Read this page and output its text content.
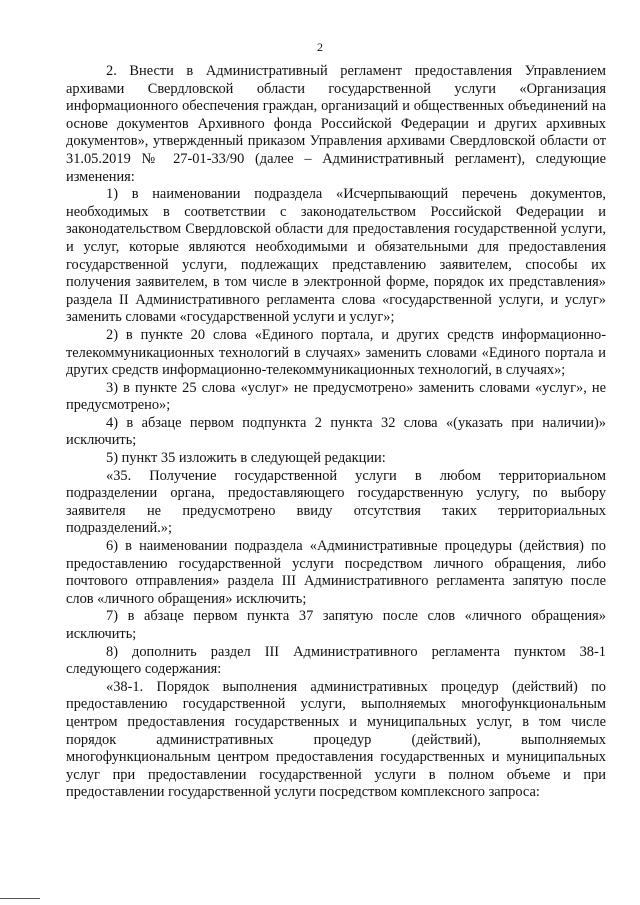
2

2. Внести в Административный регламент предоставления Управлением архивами Свердловской области государственной услуги «Организация информационного обеспечения граждан, организаций и общественных объединений на основе документов Архивного фонда Российской Федерации и других архивных документов», утвержденный приказом Управления архивами Свердловской области от 31.05.2019 № 27-01-33/90 (далее – Административный регламент), следующие изменения:

1) в наименовании подраздела «Исчерпывающий перечень документов, необходимых в соответствии с законодательством Российской Федерации и законодательством Свердловской области для предоставления государственной услуги, и услуг, которые являются необходимыми и обязательными для предоставления государственной услуги, подлежащих представлению заявителем, способы их получения заявителем, в том числе в электронной форме, порядок их представления» раздела II Административного регламента слова «государственной услуги, и услуг» заменить словами «государственной услуги и услуг»;

2) в пункте 20 слова «Единого портала, и других средств информационно-телекоммуникационных технологий в случаях» заменить словами «Единого портала и других средств информационно-телекоммуникационных технологий, в случаях»;

3) в пункте 25 слова «услуг» не предусмотрено» заменить словами «услуг», не предусмотрено»;

4) в абзаце первом подпункта 2 пункта 32 слова «(указать при наличии)» исключить;

5) пункт 35 изложить в следующей редакции:

«35. Получение государственной услуги в любом территориальном подразделении органа, предоставляющего государственную услугу, по выбору заявителя не предусмотрено ввиду отсутствия таких территориальных подразделений.»;

6) в наименовании подраздела «Административные процедуры (действия) по предоставлению государственной услуги посредством личного обращения, либо почтового отправления» раздела III Административного регламента запятую после слов «личного обращения» исключить;

7) в абзаце первом пункта 37 запятую после слов «личного обращения» исключить;

8) дополнить раздел III Административного регламента пунктом 38-1 следующего содержания:

«38-1. Порядок выполнения административных процедур (действий) по предоставлению государственной услуги, выполняемых многофункциональным центром предоставления государственных и муниципальных услуг, в том числе порядок административных процедур (действий), выполняемых многофункциональным центром предоставления государственных и муниципальных услуг при предоставлении государственной услуги в полном объеме и при предоставлении государственной услуги посредством комплексного запроса:
